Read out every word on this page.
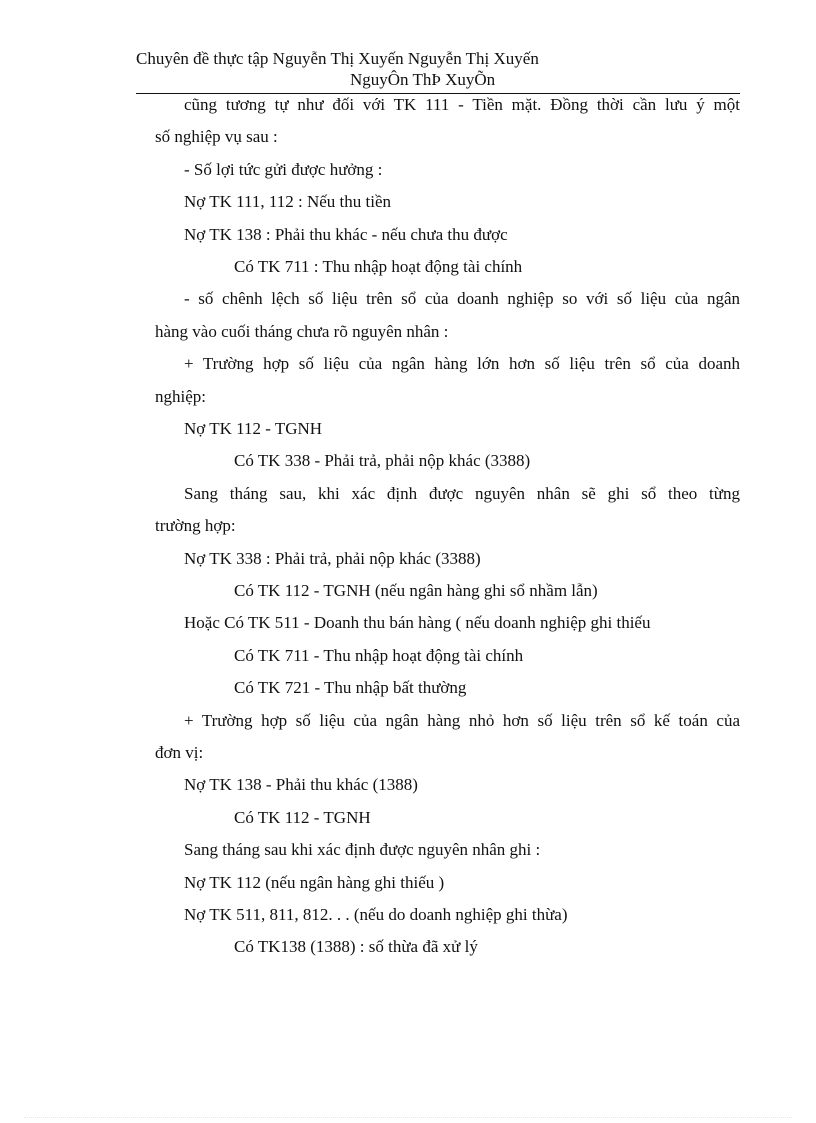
Chuyên đề thực tập Nguyễn Thị Xuyến Nguyễn Thị Xuyến
NguyÔn ThÞ XuyÕn
cũng tương tự như đối với TK 111 - Tiền mặt. Đồng thời cần lưu ý một
số nghiệp vụ sau :
- Số lợi tức gửi được hưởng :
Nợ TK 111, 112 : Nếu thu tiền
Nợ TK 138 : Phải thu khác - nếu chưa thu được
Có TK 711 : Thu nhập hoạt động tài chính
- số chênh lệch số liệu trên sổ của doanh nghiệp so với số liệu của ngân
hàng vào cuối tháng chưa rõ nguyên nhân :
+ Trường hợp số liệu của ngân hàng lớn hơn số liệu trên sổ của doanh
nghiệp:
Nợ TK 112 - TGNH
Có TK 338 - Phải trả, phải nộp khác (3388)
Sang tháng sau, khi xác định được nguyên nhân sẽ ghi sổ theo từng
trường hợp:
Nợ TK 338 : Phải trả, phải nộp khác (3388)
Có TK 112 - TGNH (nếu ngân hàng ghi sổ nhầm lẫn)
Hoặc Có TK 511 - Doanh thu bán hàng ( nếu doanh nghiệp ghi thiếu
Có TK 711 - Thu nhập hoạt động tài chính
Có TK 721 - Thu nhập bất thường
+ Trường hợp số liệu của ngân hàng nhỏ hơn số liệu trên sổ kế toán của
đơn vị:
Nợ TK 138 - Phải thu khác (1388)
Có TK 112 - TGNH
Sang tháng sau khi xác định được nguyên nhân ghi :
Nợ TK 112 (nếu ngân hàng ghi thiếu )
Nợ TK 511, 811, 812. . . (nếu do doanh nghiệp ghi thừa)
Có TK138 (1388) : số thừa đã xử lý
